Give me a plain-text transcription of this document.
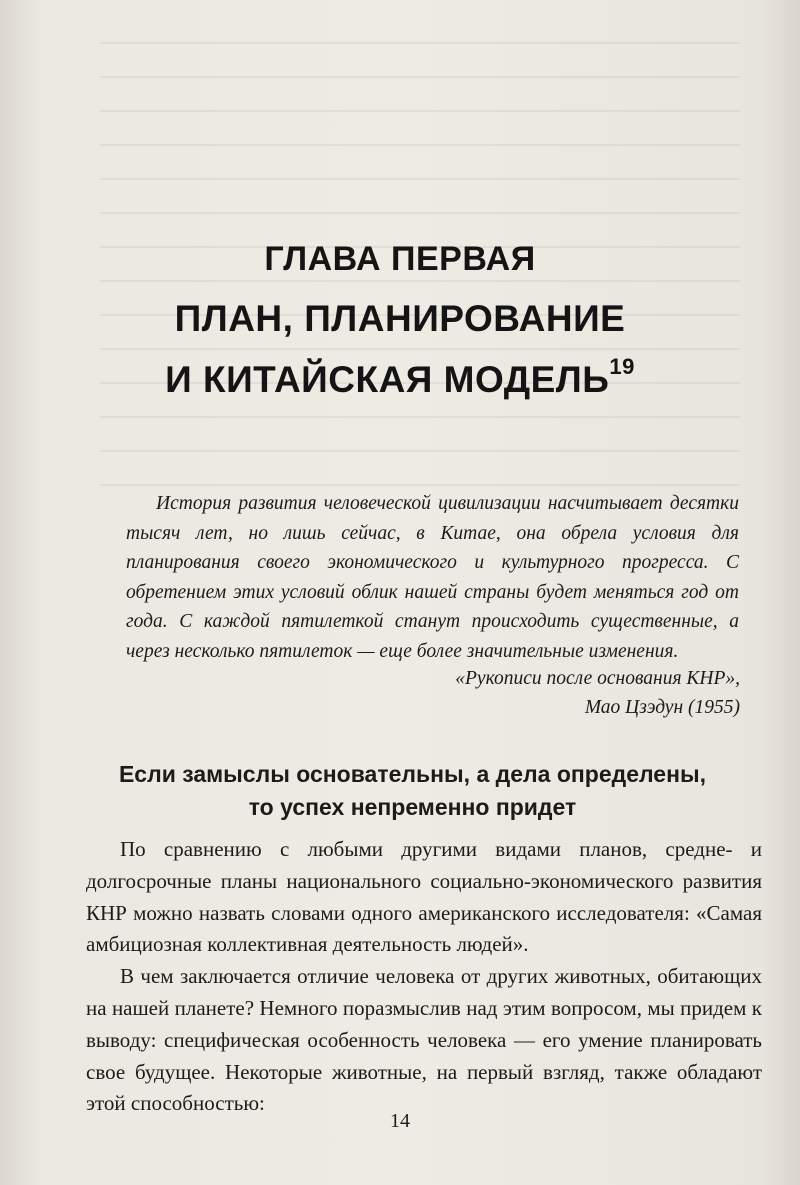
ГЛАВА ПЕРВАЯ
ПЛАН, ПЛАНИРОВАНИЕ
И КИТАЙСКАЯ МОДЕЛЬ$^{19}$

История развития человеческой цивилизации насчитывает десятки тысяч лет, но лишь сейчас, в Китае, она обрела условия для планирования своего экономического и культурного прогресса. С обретением этих условий облик нашей страны будет меняться год от года. С каждой пятилеткой станут происходить существенные, а через несколько пятилеток — еще более значительные изменения.

«Рукописи после основания КНР»,
Мао Цзэдун (1955)
Если замыслы основательны, а дела определены,
то успех непременно придет

По сравнению с любыми другими видами планов, средне- и долгосрочные планы национального социально-экономического развития КНР можно назвать словами одного американского исследователя: «Самая амбициозная коллективная деятельность людей».

В чем заключается отличие человека от других животных, обитающих на нашей планете? Немного поразмыслив над этим вопросом, мы придем к выводу: специфическая особенность человека — его умение планировать свое будущее. Некоторые животные, на первый взгляд, также обладают этой способностью:

14
